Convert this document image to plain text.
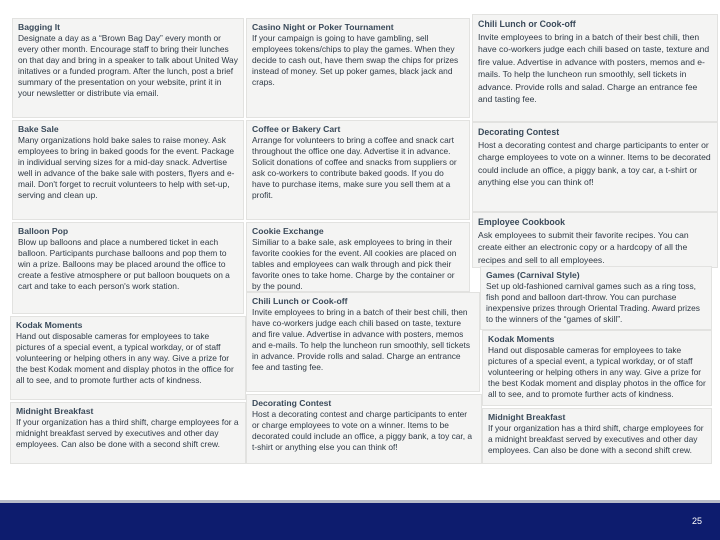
Bagging It
Designate a day as a “Brown Bag Day” every month or every other month. Encourage staff to bring their lunches on that day and bring in a speaker to talk about United Way initatives or a funded program. After the lunch, post a brief summary of the presentation on your website, print it in your newsletter or distribute via email.
Casino Night or Poker Tournament
If your campaign is going to have gambling, sell employees tokens/chips to play the games. When they decide to cash out, have them swap the chips for prizes instead of money. Set up poker games, black jack and craps.
Chili Lunch or Cook-off
Invite employees to bring in a batch of their best chili, then have co-workers judge each chili based on taste, texture and fire value. Advertise in advance with posters, memos and e-mails. To help the luncheon run smoothly, sell tickets in advance. Provide rolls and salad. Charge an entrance fee and tasting fee.
Bake Sale
Many organizations hold bake sales to raise money. Ask employees to bring in baked goods for the event. Package in individual serving sizes for a mid-day snack. Advertise well in advance of the bake sale with posters, flyers and e-mail. Don't forget to recruit volunteers to help with set-up, serving and clean up.
Coffee or Bakery Cart
Arrange for volunteers to bring a coffee and snack cart throughout the office one day. Advertise it in advance. Solicit donations of coffee and snacks from suppliers or ask co-workers to contribute baked goods. If you do have to purchase items, make sure you sell them at a profit.
Decorating Contest
Host a decorating contest and charge participants to enter or charge employees to vote on a winner. Items to be decorated could include an office, a piggy bank, a toy car, a t-shirt or anything else you can think of!
Balloon Pop
Blow up balloons and place a numbered ticket in each balloon. Participants purchase balloons and pop them to win a prize. Balloons may be placed around the office to create a festive atmosphere or put balloon bouquets on a cart and take to each person's work station.
Cookie Exchange
Similiar to a bake sale, ask employees to bring in their favorite cookies for the event. All cookies are placed on tables and employees can walk through and pick their favorite ones to take home. Charge by the container or by the pound.
Employee Cookbook
Ask employees to submit their favorite recipes. You can create either an electronic copy or a hardcopy of all the recipes and sell to all employees.
Games (Carnival Style)
Set up old-fashioned carnival games such as a ring toss, fish pond and balloon dart-throw. You can purchase inexpensive prizes through Oriental Trading. Award prizes to the winners of the “games of skill”.
Chili Lunch or Cook-off
Invite employees to bring in a batch of their best chili, then have co-workers judge each chili based on taste, texture and fire value. Advertise in advance with posters, memos and e-mails. To help the luncheon run smoothly, sell tickets in advance. Provide rolls and salad. Charge an entrance fee and tasting fee.
Kodak Moments
Hand out disposable cameras for employees to take pictures of a special event, a typical workday, or of staff volunteering or helping others in any way. Give a prize for the best Kodak moment and display photos in the office for all to see, and to promote further acts of kindness.
Kodak Moments
Hand out disposable cameras for employees to take pictures of a special event, a typical workday, or of staff volunteering or helping others in any way. Give a prize for the best Kodak moment and display photos in the office for all to see, and to promote further acts of kindness.
Decorating Contest
Host a decorating contest and charge participants to enter or charge employees to vote on a winner. Items to be decorated could include an office, a piggy bank, a toy car, a t-shirt or anything else you can think of!
Midnight Breakfast
If your organization has a third shift, charge employees for a midnight breakfast served by executives and other day employees. Can also be done with a second shift crew.
Midnight Breakfast
If your organization has a third shift, charge employees for a midnight breakfast served by executives and other day employees. Can also be done with a second shift crew.
25
